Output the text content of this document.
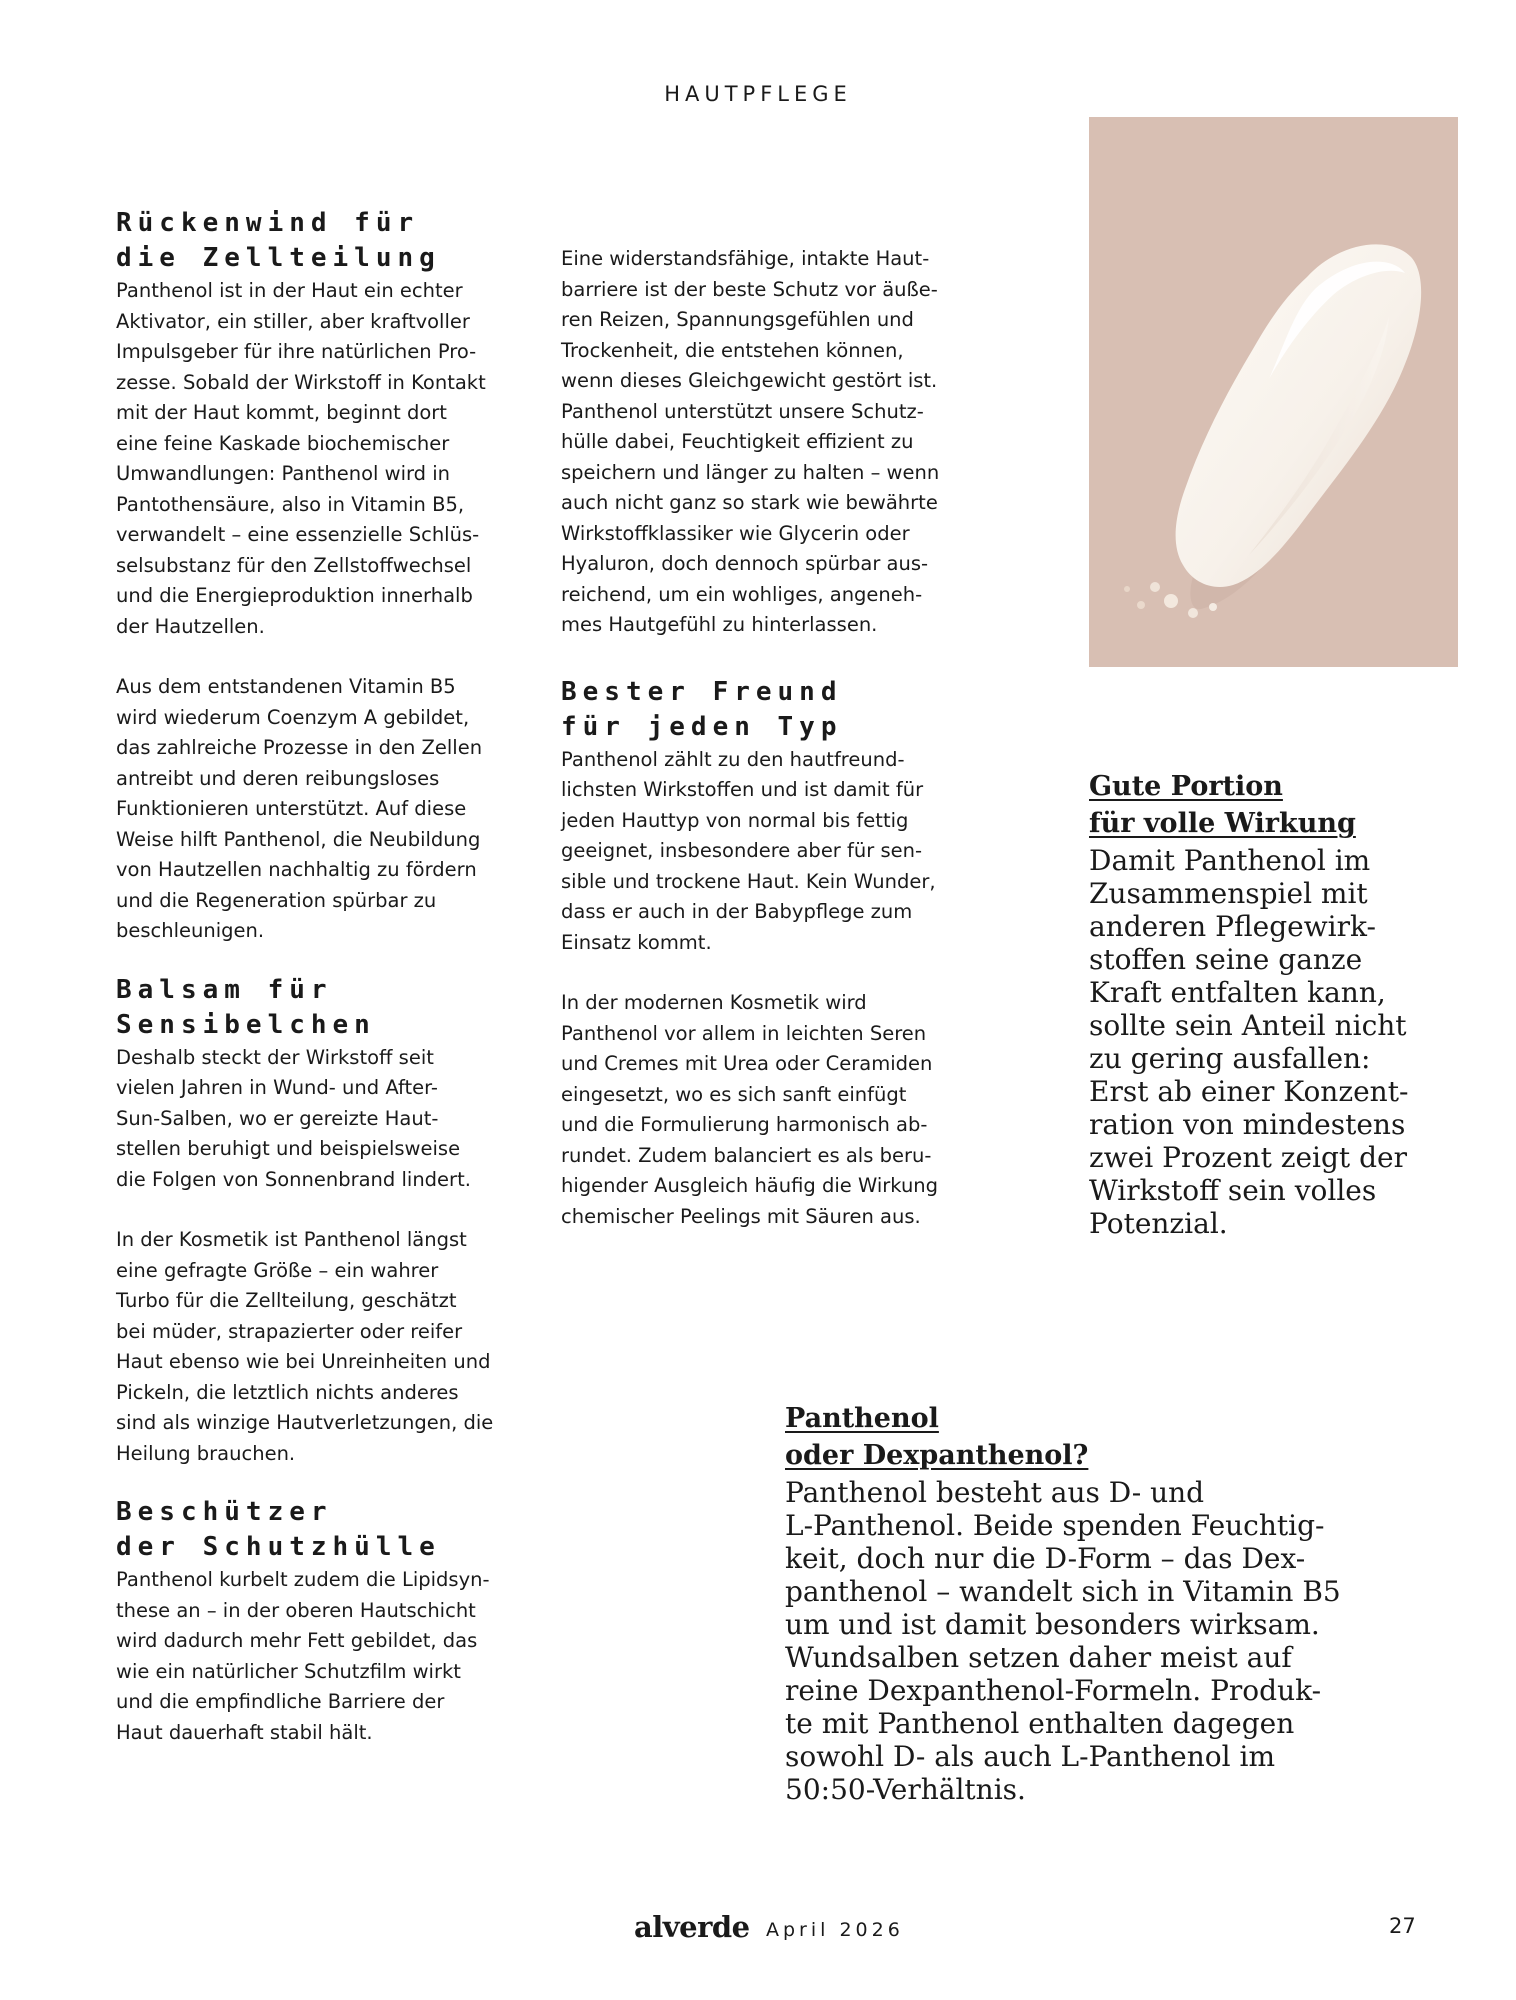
HAUTPFLEGE
Rückenwind für
die Zellteilung
Panthenol ist in der Haut ein echter
Aktivator, ein stiller, aber kraftvoller
Impulsgeber für ihre natürlichen Pro-
zesse. Sobald der Wirkstoff in Kontakt
mit der Haut kommt, beginnt dort
eine feine Kaskade biochemischer
Umwandlungen: Panthenol wird in
Pantothensäure, also in Vitamin B5,
verwandelt – eine essenzielle Schlüs-
selsubstanz für den Zellstoffwechsel
und die Energieproduktion innerhalb
der Hautzellen.
Aus dem entstandenen Vitamin B5
wird wiederum Coenzym A gebildet,
das zahlreiche Prozesse in den Zellen
antreibt und deren reibungsloses
Funktionieren unterstützt. Auf diese
Weise hilft Panthenol, die Neubildung
von Hautzellen nachhaltig zu fördern
und die Regeneration spürbar zu
beschleunigen.
Balsam für
Sensibelchen
Deshalb steckt der Wirkstoff seit
vielen Jahren in Wund- und After-
Sun-Salben, wo er gereizte Haut-
stellen beruhigt und beispielsweise
die Folgen von Sonnenbrand lindert.
In der Kosmetik ist Panthenol längst
eine gefragte Größe – ein wahrer
Turbo für die Zellteilung, geschätzt
bei müder, strapazierter oder reifer
Haut ebenso wie bei Unreinheiten und
Pickeln, die letztlich nichts anderes
sind als winzige Hautverletzungen, die
Heilung brauchen.
Beschützer
der Schutzhülle
Panthenol kurbelt zudem die Lipidsyn-
these an – in der oberen Hautschicht
wird dadurch mehr Fett gebildet, das
wie ein natürlicher Schutzfilm wirkt
und die empfindliche Barriere der
Haut dauerhaft stabil hält.
Eine widerstandsfähige, intakte Haut-
barriere ist der beste Schutz vor äuße-
ren Reizen, Spannungsgefühlen und
Trockenheit, die entstehen können,
wenn dieses Gleichgewicht gestört ist.
Panthenol unterstützt unsere Schutz-
hülle dabei, Feuchtigkeit effizient zu
speichern und länger zu halten – wenn
auch nicht ganz so stark wie bewährte
Wirkstoffklassiker wie Glycerin oder
Hyaluron, doch dennoch spürbar aus-
reichend, um ein wohliges, angeneh-
mes Hautgefühl zu hinterlassen.
Bester Freund
für jeden Typ
Panthenol zählt zu den hautfreund-
lichsten Wirkstoffen und ist damit für
jeden Hauttyp von normal bis fettig
geeignet, insbesondere aber für sen-
sible und trockene Haut. Kein Wunder,
dass er auch in der Babypflege zum
Einsatz kommt.
In der modernen Kosmetik wird
Panthenol vor allem in leichten Seren
und Cremes mit Urea oder Ceramiden
eingesetzt, wo es sich sanft einfügt
und die Formulierung harmonisch ab-
rundet. Zudem balanciert es als beru-
higender Ausgleich häufig die Wirkung
chemischer Peelings mit Säuren aus.
Gute Portion
für volle Wirkung
Damit Panthenol im
Zusammenspiel mit
anderen Pflegewirk-
stoffen seine ganze
Kraft entfalten kann,
sollte sein Anteil nicht
zu gering ausfallen:
Erst ab einer Konzent-
ration von mindestens
zwei Prozent zeigt der
Wirkstoff sein volles
Potenzial.
Panthenol
oder Dexpanthenol?
Panthenol besteht aus D- und
L-Panthenol. Beide spenden Feuchtig-
keit, doch nur die D-Form – das Dex-
panthenol – wandelt sich in Vitamin B5
um und ist damit besonders wirksam.
Wundsalben setzen daher meist auf
reine Dexpanthenol-Formeln. Produk-
te mit Panthenol enthalten dagegen
sowohl D- als auch L-Panthenol im
50:50-Verhältnis.
alverde April 2026	27
